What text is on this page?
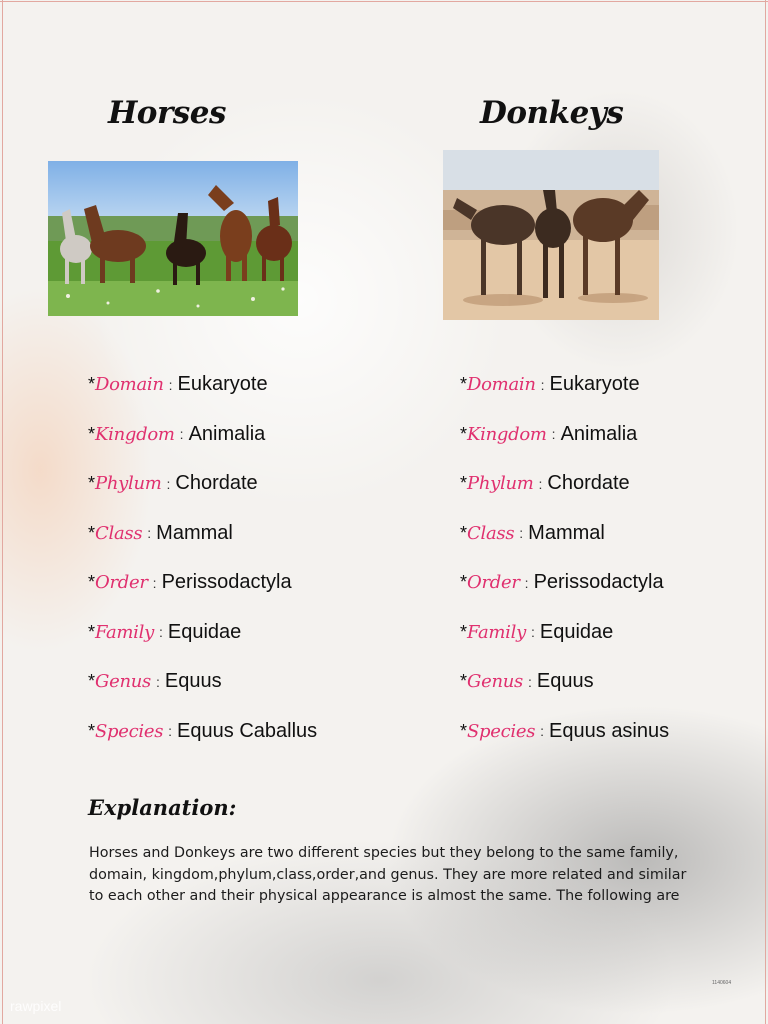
Horses	Donkeys
* Domain : Eukaryote
* Kingdom : Animalia
* Phylum : Chordate
* Class : Mammal
* Order : Perissodactyla
* Family : Equidae
* Genus : Equus
* Species : Equus Caballus
* Domain : Eukaryote
* Kingdom : Animalia
* Phylum : Chordate
* Class : Mammal
* Order : Perissodactyla
* Family : Equidae
* Genus : Equus
* Species : Equus asinus
Explanation:
Horses and Donkeys are two different species but they belong to the same family, domain, kingdom,phylum,class,order,and genus. They are more related and similar to each other and their physical appearance is almost the same. The following are
rawpixel
1140604
